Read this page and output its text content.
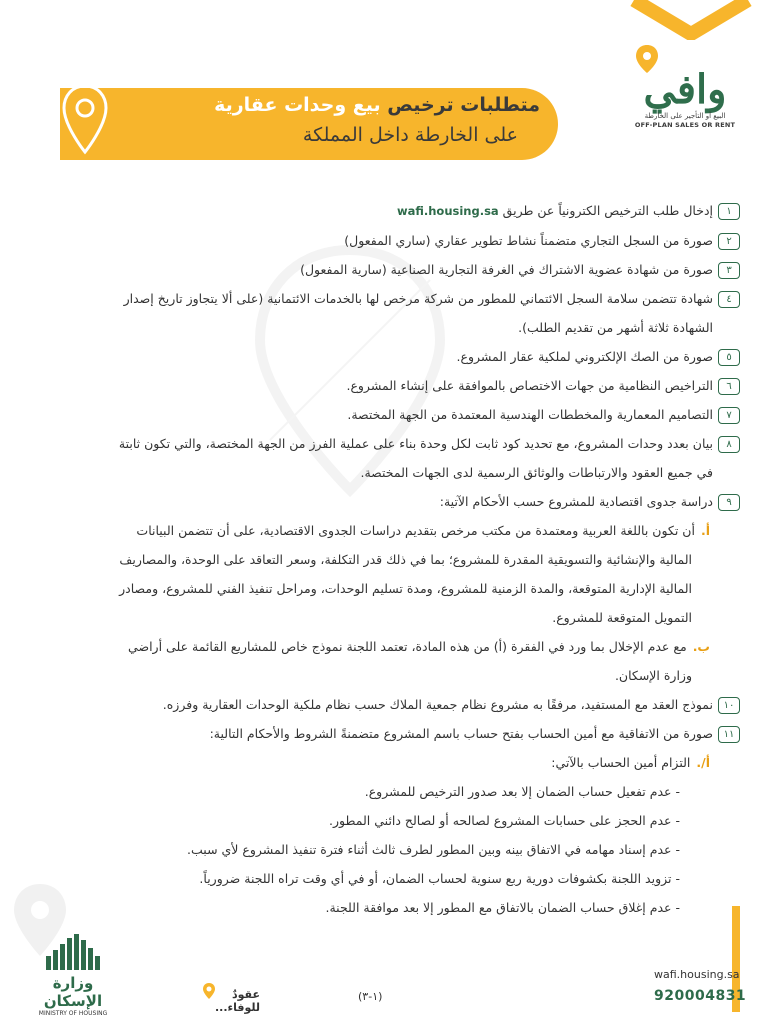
وافي
البيع أو التأجير على الخارطة
OFF-PLAN SALES OR RENT
متطلبات ترخيص بيع وحدات عقارية
على الخارطة داخل المملكة
١إدخال طلب الترخيص الكترونياً عن طريق wafi.housing.sa
٢صورة من السجل التجاري متضمناً نشاط تطوير عقاري (ساري المفعول)
٣صورة من شهادة عضوية الاشتراك في الغرفة التجارية الصناعية (سارية المفعول)
٤شهادة تتضمن سلامة السجل الائتماني للمطور من شركة مرخص لها بالخدمات الائتمانية (على ألا يتجاوز تاريخ إصدار
الشهادة ثلاثة أشهر من تقديم الطلب).
٥صورة من الصك الإلكتروني لملكية عقار المشروع.
٦التراخيص النظامية من جهات الاختصاص بالموافقة على إنشاء المشروع.
٧التصاميم المعمارية والمخططات الهندسية المعتمدة من الجهة المختصة.
٨بيان بعدد وحدات المشروع، مع تحديد كود ثابت لكل وحدة بناء على عملية الفرز من الجهة المختصة، والتي تكون ثابتة
في جميع العقود والارتباطات والوثائق الرسمية لدى الجهات المختصة.
٩دراسة جدوى اقتصادية للمشروع حسب الأحكام الآتية:
أ.أن تكون باللغة العربية ومعتمدة من مكتب مرخص بتقديم دراسات الجدوى الاقتصادية، على أن تتضمن البيانات
المالية والإنشائية والتسويقية المقدرة للمشروع؛ بما في ذلك قدر التكلفة، وسعر التعاقد على الوحدة، والمصاريف
المالية الإدارية المتوقعة، والمدة الزمنية للمشروع، ومدة تسليم الوحدات، ومراحل تنفيذ الفني للمشروع، ومصادر
التمويل المتوقعة للمشروع.
ب.مع عدم الإخلال بما ورد في الفقرة (أ) من هذه المادة، تعتمد اللجنة نموذج خاص للمشاريع القائمة على أراضي
وزارة الإسكان.
١٠نموذج العقد مع المستفيد، مرفقًا به مشروع نظام جمعية الملاك حسب نظام ملكية الوحدات العقارية وفرزه.
١١صورة من الاتفاقية مع أمين الحساب بفتح حساب باسم المشروع متضمنةً الشروط والأحكام التالية:
أ/.التزام أمين الحساب بالآتي:
- عدم تفعيل حساب الضمان إلا بعد صدور الترخيص للمشروع.
- عدم الحجز على حسابات المشروع لصالحه أو لصالح دائني المطور.
- عدم إسناد مهامه في الاتفاق بينه وبين المطور لطرف ثالث أثناء فترة تنفيذ المشروع لأي سبب.
- تزويد اللجنة بكشوفات دورية ربع سنوية لحساب الضمان، أو في أي وقت تراه اللجنة ضرورياً.
- عدم إغلاق حساب الضمان بالاتفاق مع المطور إلا بعد موافقة اللجنة.
wafi.housing.sa
920004831
(١-٣)
عقودٌ للوفاء...
وزارة الإسكان
MINISTRY OF HOUSING
